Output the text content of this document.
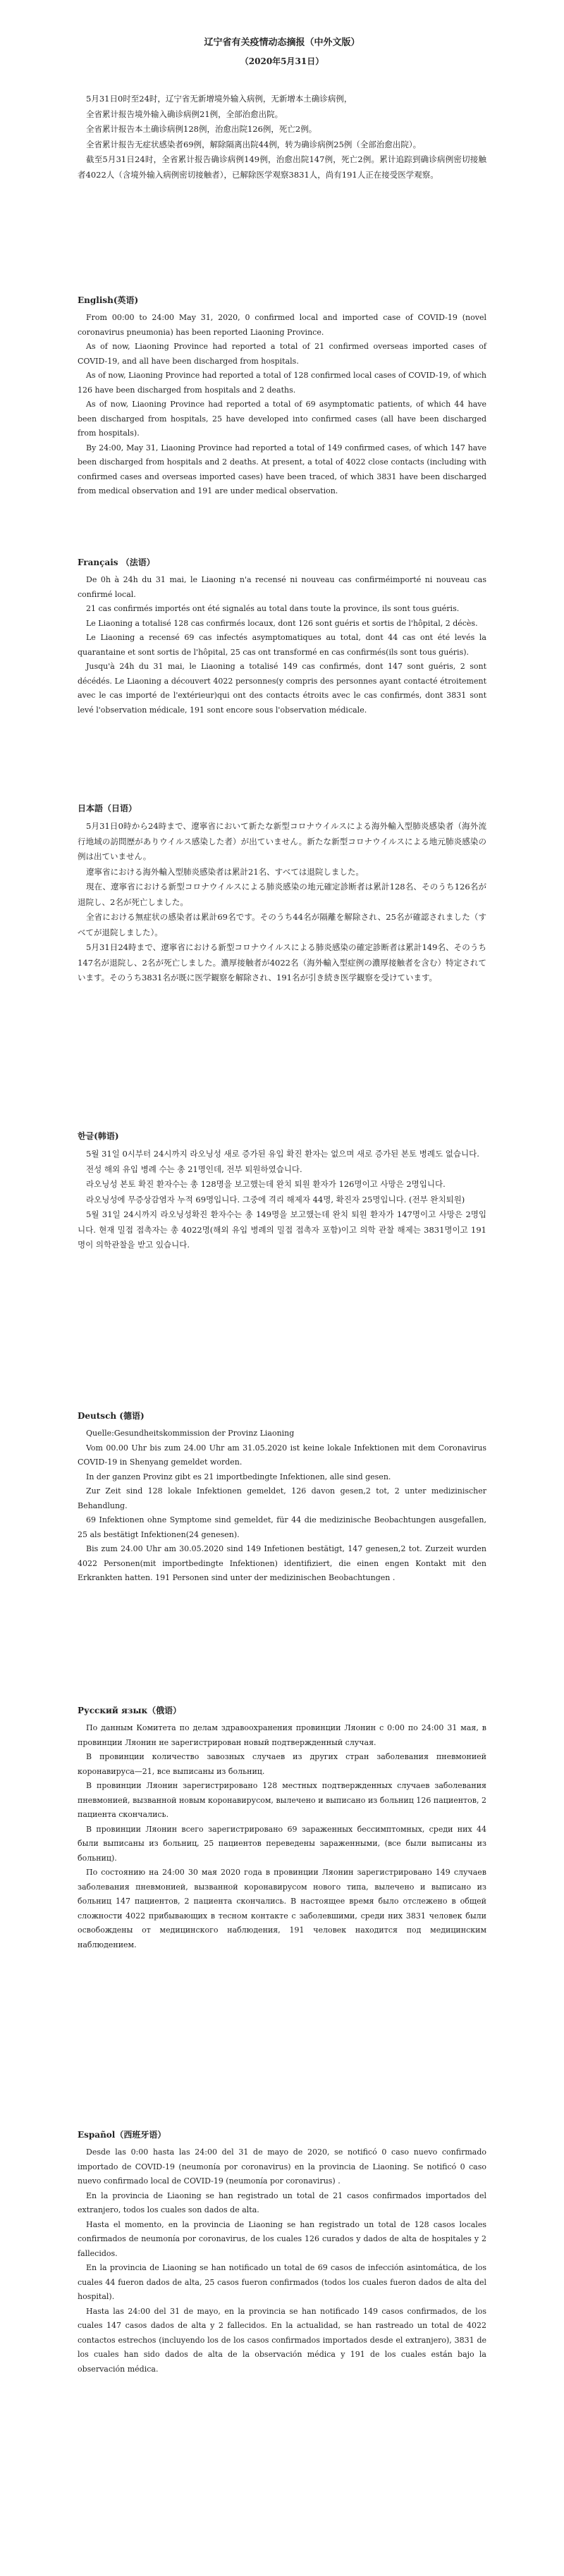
辽宁省有关疫情动态摘报（中外文版）
（2020年5月31日）

5月31日0时至24时，辽宁省无新增境外输入病例，无新增本土确诊病例，

全省累计报告境外输入确诊病例21例，全部治愈出院。

全省累计报告本土确诊病例128例，治愈出院126例，死亡2例。

全省累计报告无症状感染者69例，解除隔离出院44例，转为确诊病例25例（全部治愈出院）。

截至5月31日24时，全省累计报告确诊病例149例，治愈出院147例，死亡2例。累计追踪到确诊病例密切接触者4022人（含境外输入病例密切接触者），已解除医学观察3831人，尚有191人正在接受医学观察。

English(英语)

From 00:00 to 24:00 May 31, 2020, 0 confirmed local and imported case of COVID-19 (novel coronavirus pneumonia) has been reported Liaoning Province.

As of now, Liaoning Province had reported a total of 21 confirmed overseas imported cases of COVID-19, and all have been discharged from hospitals.

As of now, Liaoning Province had reported a total of 128 confirmed local cases of COVID-19, of which 126 have been discharged from hospitals and 2 deaths.

As of now, Liaoning Province had reported a total of 69 asymptomatic patients, of which 44 have been discharged from hospitals, 25 have developed into confirmed cases (all have been discharged from hospitals).

By 24:00, May 31, Liaoning Province had reported a total of 149 confirmed cases, of which 147 have been discharged from hospitals and 2 deaths. At present, a total of 4022 close contacts (including with confirmed cases and overseas imported cases) have been traced, of which 3831 have been discharged from medical observation and 191 are under medical observation.

Français （法语）

De 0h à 24h du 31 mai, le Liaoning n'a recensé ni nouveau cas confirméimporté ni nouveau cas confirmé local.

21 cas confirmés importés ont été signalés au total dans toute la province, ils sont tous guéris.

Le Liaoning a totalisé 128 cas confirmés locaux, dont 126 sont guéris et sortis de l'hôpital, 2 décès.

Le Liaoning a recensé 69 cas infectés asymptomatiques au total, dont 44 cas ont été levés la quarantaine et sont sortis de l'hôpital, 25 cas ont transformé en cas confirmés(ils sont tous guéris).

Jusqu'à 24h du 31 mai, le Liaoning a totalisé 149 cas confirmés, dont 147 sont guéris, 2 sont décédés. Le Liaoning a découvert 4022 personnes(y compris des personnes ayant contacté étroitement avec le cas importé de l'extérieur)qui ont des contacts étroits avec le cas confirmés, dont 3831 sont levé l'observation médicale, 191 sont encore sous l'observation médicale.

日本語（日语）

5月31日0時から24時まで、遼寧省において新たな新型コロナウイルスによる海外輸入型肺炎感染者（海外流行地域の訪問歴がありウイルス感染した者）が出ていません。新たな新型コロナウイルスによる地元肺炎感染の例は出ていません。

遼寧省における海外輸入型肺炎感染者は累計21名、すべては退院しました。

現在、遼寧省における新型コロナウイルスによる肺炎感染の地元確定診断者は累計128名、そのうち126名が退院し、2名が死亡しました。

全省における無症状の感染者は累計69名です。そのうち44名が隔離を解除され、25名が確認されました（すべてが退院しました）。

5月31日24時まで、遼寧省における新型コロナウイルスによる肺炎感染の確定診断者は累計149名、そのうち147名が退院し、2名が死亡しました。濃厚接触者が4022名（海外輸入型症例の濃厚接触者を含む）特定されています。そのうち3831名が既に医学観察を解除され、191名が引き続き医学観察を受けています。

한글(韩语)

5월 31일 0시부터 24시까지 라오닝성 새로 증가된 유입 확진 환자는 없으며 새로 증가된 본토 병례도 없습니다.

전성 해외 유입 병례 수는 총 21명인데, 전부 퇴원하였습니다.

라오닝성 본토 확진 환자수는 총 128명을 보고했는데 완치 퇴원 환자가 126명이고 사망은 2명입니다.

라오닝성에 무증상감염자 누적 69명입니다. 그중에 격리 해제자 44명, 확진자 25명입니다. (전부 완치퇴원)

5월 31일 24시까지 라오닝성확진 환자수는 총 149명을 보고했는데 완치 퇴원 환자가 147명이고 사망은 2명입니다. 현재 밀접 접촉자는 총 4022명(해외 유입 병례의 밀접 접촉자 포함)이고 의학 관찰 해제는 3831명이고 191명이 의학관찰을 받고 있습니다.

Deutsch (德语)

Quelle:Gesundheitskommission der Provinz Liaoning

Vom 00.00 Uhr bis zum 24.00 Uhr am 31.05.2020 ist keine lokale Infektionen mit dem Coronavirus COVID-19 in Shenyang gemeldet worden.

In der ganzen Provinz gibt es 21 importbedingte Infektionen, alle sind gesen.

Zur Zeit sind 128 lokale Infektionen gemeldet, 126 davon gesen,2 tot, 2 unter medizinischer Behandlung.

69 Infektionen ohne Symptome sind gemeldet, für 44 die medizinische Beobachtungen ausgefallen, 25 als bestätigt Infektionen(24 genesen).

Bis zum 24.00 Uhr am 30.05.2020 sind 149 Infetionen bestätigt, 147 genesen,2 tot. Zurzeit wurden 4022 Personen(mit importbedingte Infektionen) identifiziert, die einen engen Kontakt mit den Erkrankten hatten. 191 Personen sind unter der medizinischen Beobachtungen .

Русский язык（俄语）

По данным Комитета по делам здравоохранения провинции Ляонин с 0:00 по 24:00 31 мая, в провинции Ляонин не зарегистрирован новый подтвержденный случая.

В провинции количество завозных случаев из других стран заболевания пневмонией коронавируса—21, все выписаны из больниц.

В провинции Ляонин зарегистрировано 128 местных подтвержденных случаев заболевания пневмонией, вызванной новым коронавирусом, вылечено и выписано из больниц 126 пациентов, 2 пациента скончались.

В провинции Ляонин всего зарегистрировано 69 зараженных бессимптомных, среди них 44 были выписаны из больниц, 25 пациентов переведены зараженными, (все были выписаны из больниц).

По состоянию на 24:00 30 мая 2020 года в провинции Ляонин зарегистрировано 149 случаев заболевания пневмонией, вызванной коронавирусом нового типа, вылечено и выписано из больниц 147 пациентов, 2 пациента скончались. В настоящее время было отслежено в общей сложности 4022 прибывающих в тесном контакте с заболевшими, среди них 3831 человек были освобождены от медицинского наблюдения, 191 человек находится под медицинским наблюдением.

Español（西班牙语）

Desde las 0:00 hasta las 24:00 del 31 de mayo de 2020, se notificó 0 caso nuevo confirmado importado de COVID-19 (neumonía por coronavirus) en la provincia de Liaoning. Se notificó 0 caso nuevo confirmado local de COVID-19 (neumonía por coronavirus) .

En la provincia de Liaoning se han registrado un total de 21 casos confirmados importados del extranjero, todos los cuales son dados de alta.

Hasta el momento, en la provincia de Liaoning se han registrado un total de 128 casos locales confirmados de neumonía por coronavirus, de los cuales 126 curados y dados de alta de hospitales y 2 fallecidos.

En la provincia de Liaoning se han notificado un total de 69 casos de infección asintomática, de los cuales 44 fueron dados de alta, 25 casos fueron confirmados (todos los cuales fueron dados de alta del hospital).

Hasta las 24:00 del 31 de mayo, en la provincia se han notificado 149 casos confirmados, de los cuales 147 casos dados de alta y 2 fallecidos. En la actualidad, se han rastreado un total de 4022 contactos estrechos (incluyendo los de los casos confirmados importados desde el extranjero), 3831 de los cuales han sido dados de alta de la observación médica y 191 de los cuales están bajo la observación médica.
